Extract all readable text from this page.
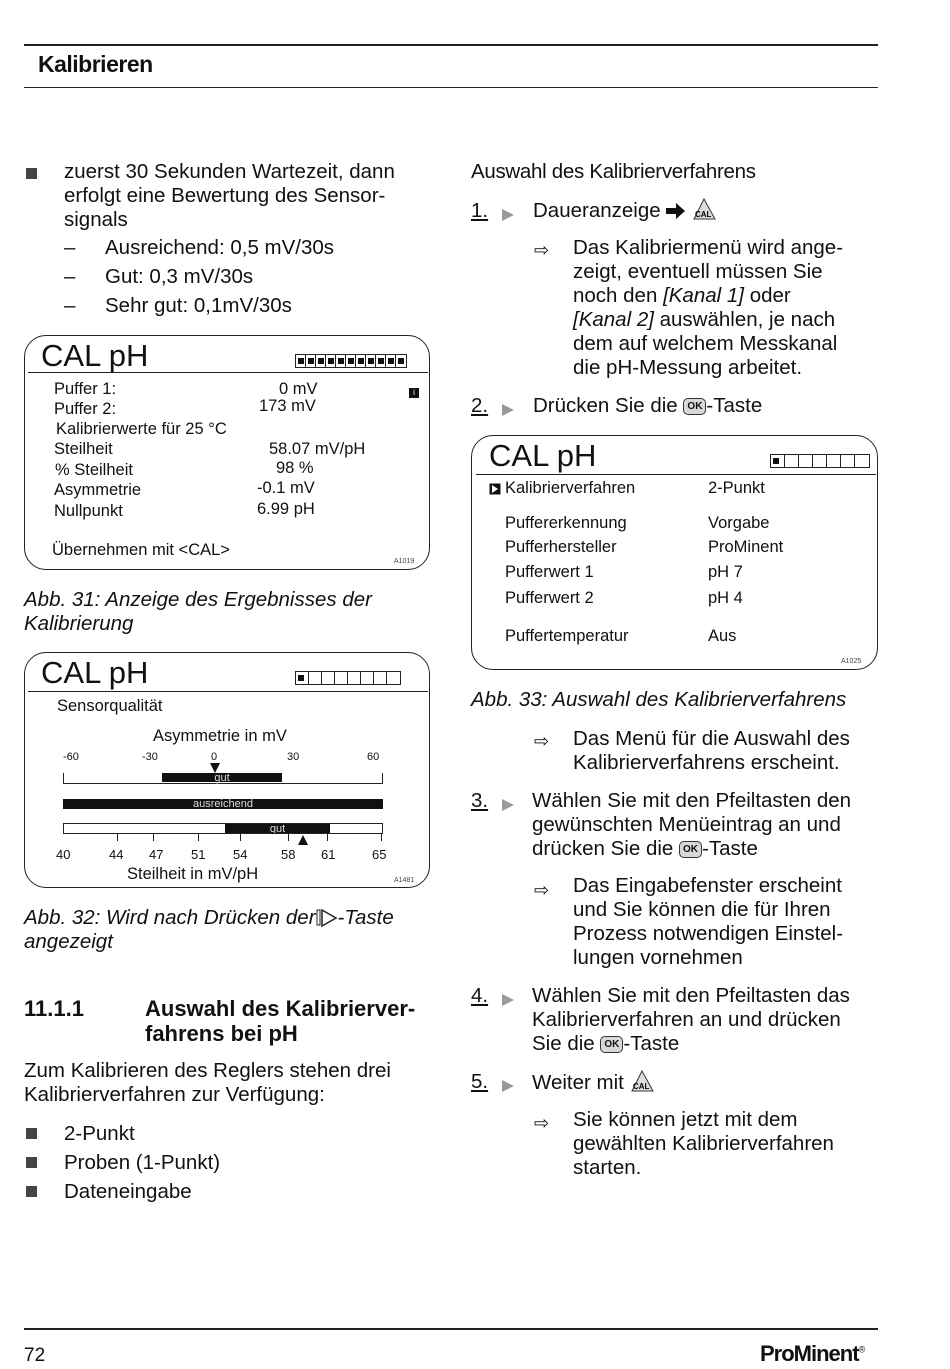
Kalibrieren
zuerst 30 Sekunden Wartezeit, dann
erfolgt eine Bewertung des Sensor-
signals
– Ausreichend: 0,5 mV/30s
– Gut: 0,3 mV/30s
– Sehr gut: 0,1mV/30s
CAL pH
i
Puffer 1:	0 mV
Puffer 2:	173 mV
Kalibrierwerte für 25 °C
Steilheit	58.07 mV/pH
% Steilheit	98 %
Asymmetrie	-0.1 mV
Nullpunkt	6.99 pH
Übernehmen mit <CAL>
A1019
Abb. 31: Anzeige des Ergebnisses der
Kalibrierung
CAL pH
Sensorqualität
Asymmetrie in mV
-60	-30	0	30	60
gut
ausreichend
gut
40	44 47 51 54	58 61	65
Steilheit in mV/pH	A1481
Abb. 32: Wird nach Drücken der -Taste
angezeigt
11.1.1	Auswahl des Kalibrierver-
fahrens bei pH
Zum Kalibrieren des Reglers stehen drei
Kalibrierverfahren zur Verfügung:
2-Punkt
Proben (1-Punkt)
Dateneingabe
Auswahl des Kalibrierverfahrens
1. Daueranzeige	CAL
⇨ Das Kalibriermenü wird ange-
zeigt, eventuell müssen Sie
noch den [Kanal 1] oder
[Kanal 2] auswählen, je nach
dem auf welchem Messkanal
die pH-Messung arbeitet.
2. Drücken Sie die OK -Taste
CAL pH
Kalibrierverfahren	2-Punkt
Puffererkennung	Vorgabe
Pufferhersteller	ProMinent
Pufferwert 1	pH 7
Pufferwert 2	pH 4
Puffertemperatur	Aus
A1025
Abb. 33: Auswahl des Kalibrierverfahrens
⇨ Das Menü für die Auswahl des
Kalibrierverfahrens erscheint.
3. Wählen Sie mit den Pfeiltasten den
gewünschten Menüeintrag an und
drücken Sie die OK -Taste
⇨ Das Eingabefenster erscheint
und Sie können die für Ihren
Prozess notwendigen Einstel-
lungen vornehmen
4. Wählen Sie mit den Pfeiltasten das
Kalibrierverfahren an und drücken
Sie die OK -Taste
5. Weiter mit CAL
⇨ Sie können jetzt mit dem
gewählten Kalibrierverfahren
starten.
72	ProMinent®
